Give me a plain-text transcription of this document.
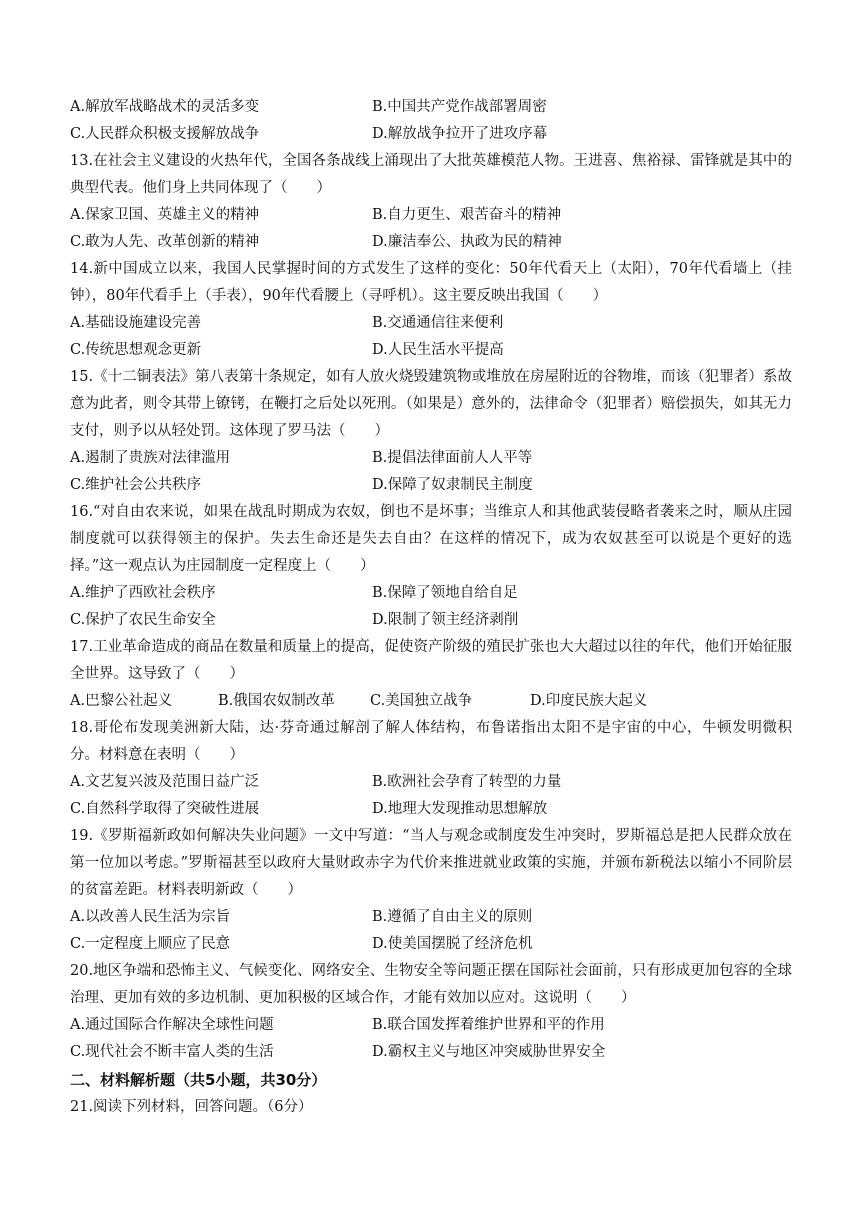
A.解放军战略战术的灵活多变	B.中国共产党作战部署周密
C.人民群众积极支援解放战争	D.解放战争拉开了进攻序幕
13.在社会主义建设的火热年代，全国各条战线上涌现出了大批英雄模范人物。王进喜、焦裕禄、雷锋就是其中的典型代表。他们身上共同体现了（　　）
A.保家卫国、英雄主义的精神	B.自力更生、艰苦奋斗的精神
C.敢为人先、改革创新的精神	D.廉洁奉公、执政为民的精神
14.新中国成立以来，我国人民掌握时间的方式发生了这样的变化：50年代看天上（太阳），70年代看墙上（挂钟），80年代看手上（手表），90年代看腰上（寻呼机）。这主要反映出我国（　　）
A.基础设施建设完善	B.交通通信往来便利
C.传统思想观念更新	D.人民生活水平提高
15.《十二铜表法》第八表第十条规定，如有人放火烧毁建筑物或堆放在房屋附近的谷物堆，而该（犯罪者）系故意为此者，则令其带上镣铐，在鞭打之后处以死刑。（如果是）意外的，法律命令（犯罪者）赔偿损失，如其无力支付，则予以从轻处罚。这体现了罗马法（　　）
A.遏制了贵族对法律滥用	B.提倡法律面前人人平等
C.维护社会公共秩序	D.保障了奴隶制民主制度
16.“对自由农来说，如果在战乱时期成为农奴，倒也不是坏事；当维京人和其他武装侵略者袭来之时，顺从庄园制度就可以获得领主的保护。失去生命还是失去自由？在这样的情况下，成为农奴甚至可以说是个更好的选择。”这一观点认为庄园制度一定程度上（　　）
A.维护了西欧社会秩序	B.保障了领地自给自足
C.保护了农民生命安全	D.限制了领主经济剥削
17.工业革命造成的商品在数量和质量上的提高，促使资产阶级的殖民扩张也大大超过以往的年代，他们开始征服全世界。这导致了（　　）
A.巴黎公社起义	B.俄国农奴制改革	C.美国独立战争	D.印度民族大起义
18.哥伦布发现美洲新大陆，达·芬奇通过解剖了解人体结构，布鲁诺指出太阳不是宇宙的中心，牛顿发明微积分。材料意在表明（　　）
A.文艺复兴波及范围日益广泛	B.欧洲社会孕育了转型的力量
C.自然科学取得了突破性进展	D.地理大发现推动思想解放
19.《罗斯福新政如何解决失业问题》一文中写道：“当人与观念或制度发生冲突时，罗斯福总是把人民群众放在第一位加以考虑。”罗斯福甚至以政府大量财政赤字为代价来推进就业政策的实施，并颁布新税法以缩小不同阶层的贫富差距。材料表明新政（　　）
A.以改善人民生活为宗旨	B.遵循了自由主义的原则
C.一定程度上顺应了民意	D.使美国摆脱了经济危机
20.地区争端和恐怖主义、气候变化、网络安全、生物安全等问题正摆在国际社会面前，只有形成更加包容的全球治理、更加有效的多边机制、更加积极的区域合作，才能有效加以应对。这说明（　　）
A.通过国际合作解决全球性问题	B.联合国发挥着维护世界和平的作用
C.现代社会不断丰富人类的生活	D.霸权主义与地区冲突威胁世界安全
二、材料解析题（共5小题，共30分）
21.阅读下列材料，回答问题。（6分）
